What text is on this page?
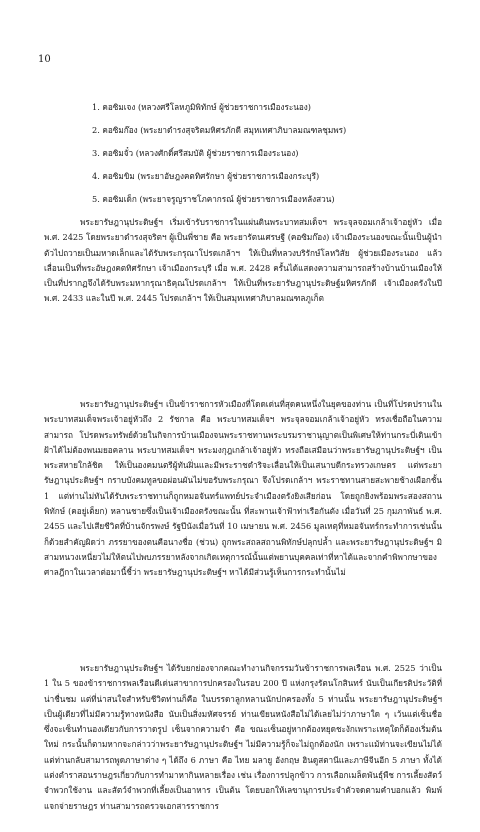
10
1. คอซิมเจง (หลวงศรีโลหภูมิพิทักษ์ ผู้ช่วยราชการเมืองระนอง)
2. คอซิมก๊อง (พระยาดำรงสุจริตมหิศรภักดี สมุหเทศาภิบาลมณฑลชุมพร)
3. คอซิมจั๋ว (หลวงศักดิ์ศรีสมบัติ ผู้ช่วยราชการเมืองระนอง)
4. คอซิมขิม (พระยาอัษฎงคตทิศรักษา ผู้ช่วยราชการเมืองกระบุรี)
5. คอซิมเด็ก (พระยาจรูญราชโภคากรณ์ ผู้ช่วยราชการเมืองหลังสวน)

พระยารัษฎานุประดิษฐ์ฯ เริ่มเข้ารับราชการในแผ่นดินพระบาทสมเด็จฯ พระจุลจอมเกล้าเจ้าอยู่หัว เมื่อ พ.ศ. 2425 โดยพระยาดำรงสุจริตฯ ผู้เป็นพี่ชาย คือ พระยารัตนเศรษฐี (คอซิมก๊อง) เจ้าเมืองระนองขณะนั้นเป็นผู้นำตัวไปถวายเป็นมหาดเล็กและได้รับพระกรุณาโปรดเกล้าฯ ให้เป็นที่หลวงบริรักษ์โลหวิสัย ผู้ช่วยเมืองระนอง แล้วเลื่อนเป็นที่พระอัษฎงคตทิศรักษา เจ้าเมืองกระบุรี เมื่อ พ.ศ. 2428 ครั้นได้แสดงความสามารถสร้างบ้านบ้านเมืองให้เป็นที่ปรากฏจึงได้รับพระมหากรุณาธิคุณโปรดเกล้าฯ ให้เป็นที่พระยารัษฎานุประดิษฐ์มหิศรภักดี เจ้าเมืองตรังในปี พ.ศ. 2433 และในปี พ.ศ. 2445 โปรดเกล้าฯ ให้เป็นสมุหเทศาภิบาลมณฑลภูเก็ต

พระยารัษฎานุประดิษฐ์ฯ เป็นข้าราชการหัวเมืองที่โดดเด่นที่สุดคนหนึ่งในยุคของท่าน เป็นที่โปรดปรานในพระบาทสมเด็จพระเจ้าอยู่หัวถึง 2 รัชกาล คือ พระบาทสมเด็จฯ พระจุลจอมเกล้าเจ้าอยู่หัว ทรงเชื่อถือในความสามารถ โปรดพระทรัพย์ด้วยในกิจการบ้านเมืองจนพระราชทานพระบรมราชานุญาตเป็นพิเศษให้ท่านกระบี่เดินเข้าฝ้าได้ไม่ต้องพนมยอคลาน พระบาทสมเด็จฯ พระมงกุฎเกล้าเจ้าอยู่หัว ทรงถือเสมือนว่าพระยารัษฎานุประดิษฐ์ฯ เป็นพระสหายใกล้ชิด ให้เป็นองคมนตรีผู้ทันฝิ่นและมีพระราชดำริจะเลื่อนให้เป็นเสนาบดีกระทรวงเกษตร แต่พระยารัษฎานุประดิษฐ์ฯ กราบบังคมทูลขอผ่อนผันไม่ขอรับพระกรุณา จึงโปรดเกล้าฯ พระราชทานสายสะพายช้างเผือกชั้น 1 แต่ท่านไม่ทันได้รับพระราชทานก็ถูกหมอจันทร์แพทย์ประจำเมืองตรังยิงเสียก่อน โดยถูกยิงพร้อมพระสองสถานพิทักษ์ (คอยู่เต็ยก) หลานชายซึ่งเป็นเจ้าเมืองตรังขณะนั้น ที่สะพานเจ้าฟ้าท่าเรือกันตัง เมื่อวันที่ 25 กุมภาพันธ์ พ.ศ. 2455 และไปเสียชีวิตที่บ้านจักรพงษ์ รัฐปีนังเมื่อวันที่ 10 เมษายน พ.ศ. 2456 มูลเหตุที่หมอจันทร์กระทำการเช่นนั้นก็ด้วยสำคัญผิดว่า ภรรยาของตนคือนางชื่อ (ช่วน) ถูกพระสถลสถานพิทักษ์ปลุกปล้ำ และพระยารัษฎานุประดิษฐ์ฯ มิสามหนวงเหนี่ยวไม่ให้ตนไปพบภรรยาหลังจากเกิดเหตุการณ์นั้นแต่พยานบุคคลเท่าที่หาได้และจากคำพิพากษาของศาลฎีกาในเวลาต่อมานี้ชี้ว่า พระยารัษฎานุประดิษฐ์ฯ หาได้มีส่วนรู้เห็นการกระทำนั้นไม่

พระยารัษฎานุประดิษฐ์ฯ ได้รับยกย่องจากคณะทำงานกิจกรรมวันข้าราชการพลเรือน พ.ศ. 2525 ว่าเป็น 1 ใน 5 ของข้าราชการพลเรือนดีเด่นสาขาการปกครองในรอบ 200 ปี แห่งกรุงรัตนโกสินทร์ นับเป็นเกียรติประวัติที่น่าชื่นชม แต่ที่น่าสนใจสำหรับชีวิตท่านก็คือ ในบรรดาลูกหลานนักปกครองทั้ง 5 ท่านนั้น พระยารัษฎานุประดิษฐ์ฯ เป็นผู้เดียวที่ไม่มีความรู้ทางหนังสือ นับเป็นสิ่งมหัศจรรย์ ท่านเขียนหนังสือไม่ได้เลยไม่ว่าภาษาใด ๆ เว้นแต่เซ็นชื่อ ซึ่งจะเซ็นทำนองเดียวกับการวาดรูป เซ็นจากความจำ คือ ขณะเซ็นอยู่หากต้องหยุดชะงักเพราะเหตุใดก็ต้องเริ่มต้นใหม่ กระนั้นก็ตามหากจะกล่าวว่าพระยารัษฎานุประดิษฐ์ฯ ไม่มีความรู้ก็จะไม่ถูกต้องนัก เพราะแม้ท่านจะเขียนไม่ได้แต่ท่านกลับสามารถพูดภาษาต่าง ๆ ได้ถึง 6 ภาษา คือ ไทย มลายู อังกฤษ ฮินดูสตานีและภาษีจีนอีก 5 ภาษา ทั้งได้แต่งตำราสอนราษฎรเกี่ยวกับการทำมาหากินหลายเรื่อง เช่น เรื่องการปลูกข้าว การเลือกเมล็ดพันธุ์พืช การเลี้ยงสัตว์จำพวกใช้งาน และสัตว์จำพวกที่เลี้ยงเป็นอาหาร เป็นต้น โดยบอกให้เลขานุการประจำตัวจดตามคำบอกแล้ว พิมพ์แจกจ่ายราษฎร ท่านสามารถตรวจเอกสารราชการ
